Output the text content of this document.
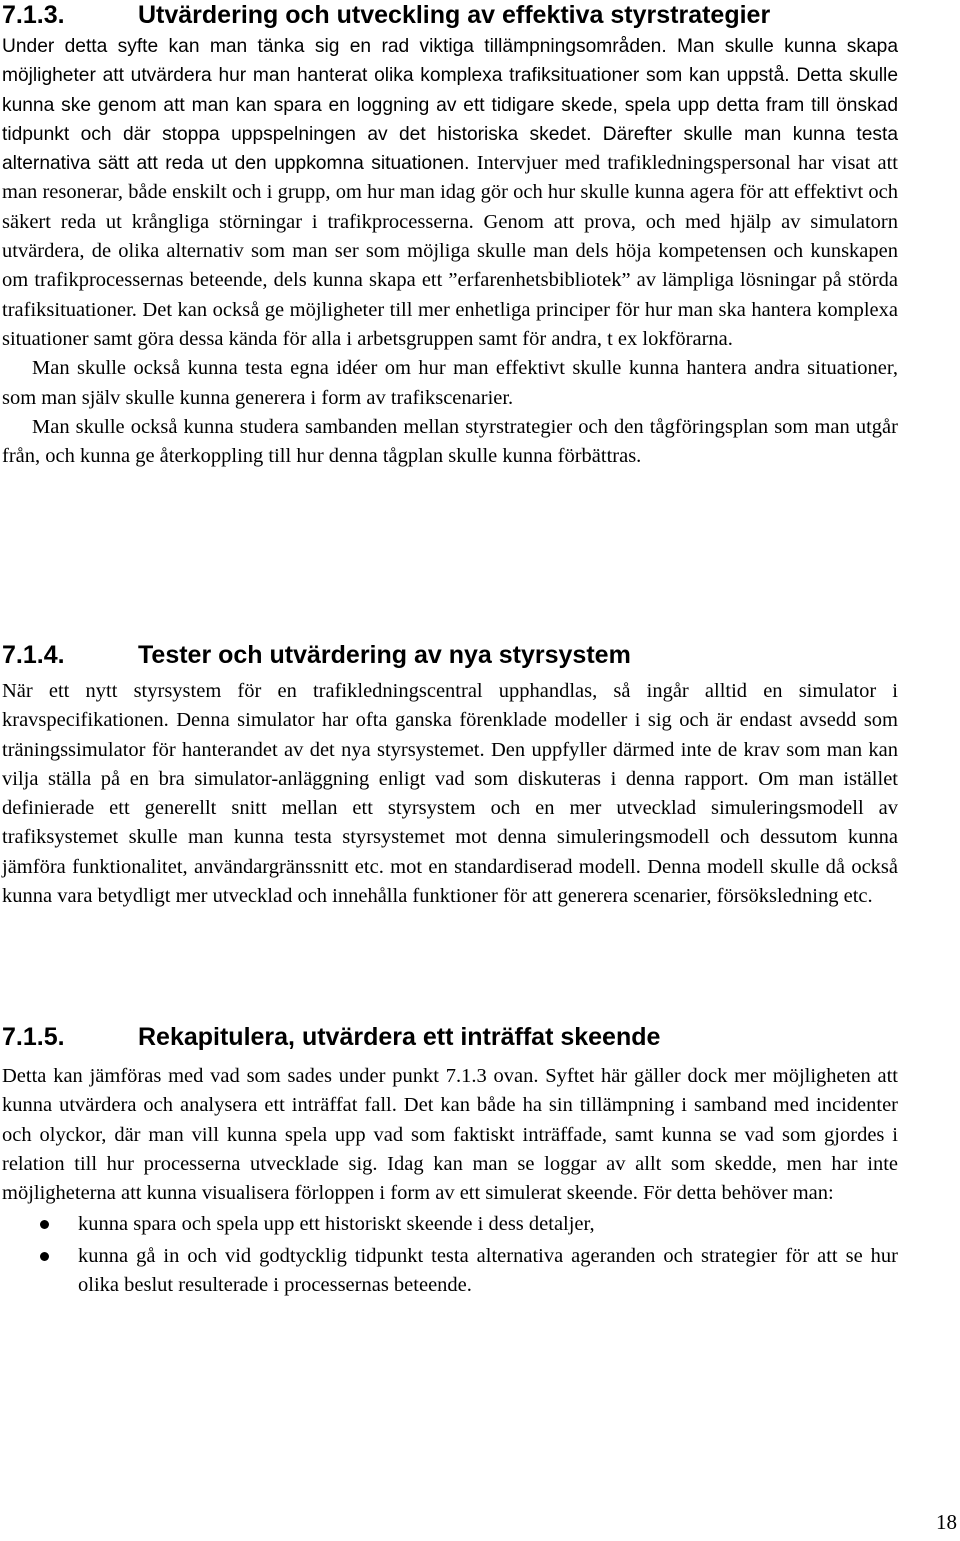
7.1.3.	Utvärdering och utveckling av effektiva styrstrategier

Under detta syfte kan man tänka sig en rad viktiga tillämpningsområden. Man skulle kunna skapa möjligheter att utvärdera hur man hanterat olika komplexa trafiksituationer som kan uppstå. Detta skulle kunna ske genom att man kan spara en loggning av ett tidigare skede, spela upp detta fram till önskad tidpunkt och där stoppa uppspelningen av det historiska skedet. Därefter skulle man kunna testa alternativa sätt att reda ut den uppkomna situationen. Intervjuer med trafikledningspersonal har visat att man resonerar, både enskilt och i grupp, om hur man idag gör och hur skulle kunna agera för att effektivt och säkert reda ut krångliga störningar i trafikprocesserna. Genom att prova, och med hjälp av simulatorn utvärdera, de olika alternativ som man ser som möjliga skulle man dels höja kompetensen och kunskapen om trafikprocessernas beteende, dels kunna skapa ett ”erfarenhetsbibliotek” av lämpliga lösningar på störda trafiksituationer. Det kan också ge möjligheter till mer enhetliga principer för hur man ska hantera komplexa situationer samt göra dessa kända för alla i arbetsgruppen samt för andra, t ex lokförarna.

Man skulle också kunna testa egna idéer om hur man effektivt skulle kunna hantera andra situationer, som man själv skulle kunna generera i form av trafikscenarier.

Man skulle också kunna studera sambanden mellan styrstrategier och den tågföringsplan som man utgår från, och kunna ge återkoppling till hur denna tågplan skulle kunna förbättras.

7.1.4.	Tester och utvärdering av nya styrsystem

När ett nytt styrsystem för en trafikledningscentral upphandlas, så ingår alltid en simulator i kravspecifikationen. Denna simulator har ofta ganska förenklade modeller i sig och är endast avsedd som träningssimulator för hanterandet av det nya styrsystemet. Den uppfyller därmed inte de krav som man kan vilja ställa på en bra simulator-anläggning enligt vad som diskuteras i denna rapport. Om man istället definierade ett generellt snitt mellan ett styrsystem och en mer utvecklad simuleringsmodell av trafiksystemet skulle man kunna testa styrsystemet mot denna simuleringsmodell och dessutom kunna jämföra funktionalitet, användargränssnitt etc. mot en standardiserad modell. Denna modell skulle då också kunna vara betydligt mer utvecklad och innehålla funktioner för att generera scenarier, försöksledning etc.

7.1.5.	Rekapitulera, utvärdera ett inträffat skeende

Detta kan jämföras med vad som sades under punkt 7.1.3 ovan. Syftet här gäller dock mer möjligheten att kunna utvärdera och analysera ett inträffat fall. Det kan både ha sin tillämpning i samband med incidenter och olyckor, där man vill kunna spela upp vad som faktiskt inträffade, samt kunna se vad som gjordes i relation till hur processerna utvecklade sig. Idag kan man se loggar av allt som skedde, men har inte möjligheterna att kunna visualisera förloppen i form av ett simulerat skeende. För detta behöver man:

kunna spara och spela upp ett historiskt skeende i dess detaljer,
kunna gå in och vid godtycklig tidpunkt testa alternativa ageranden och strategier för att se hur olika beslut resulterade i processernas beteende.
18
